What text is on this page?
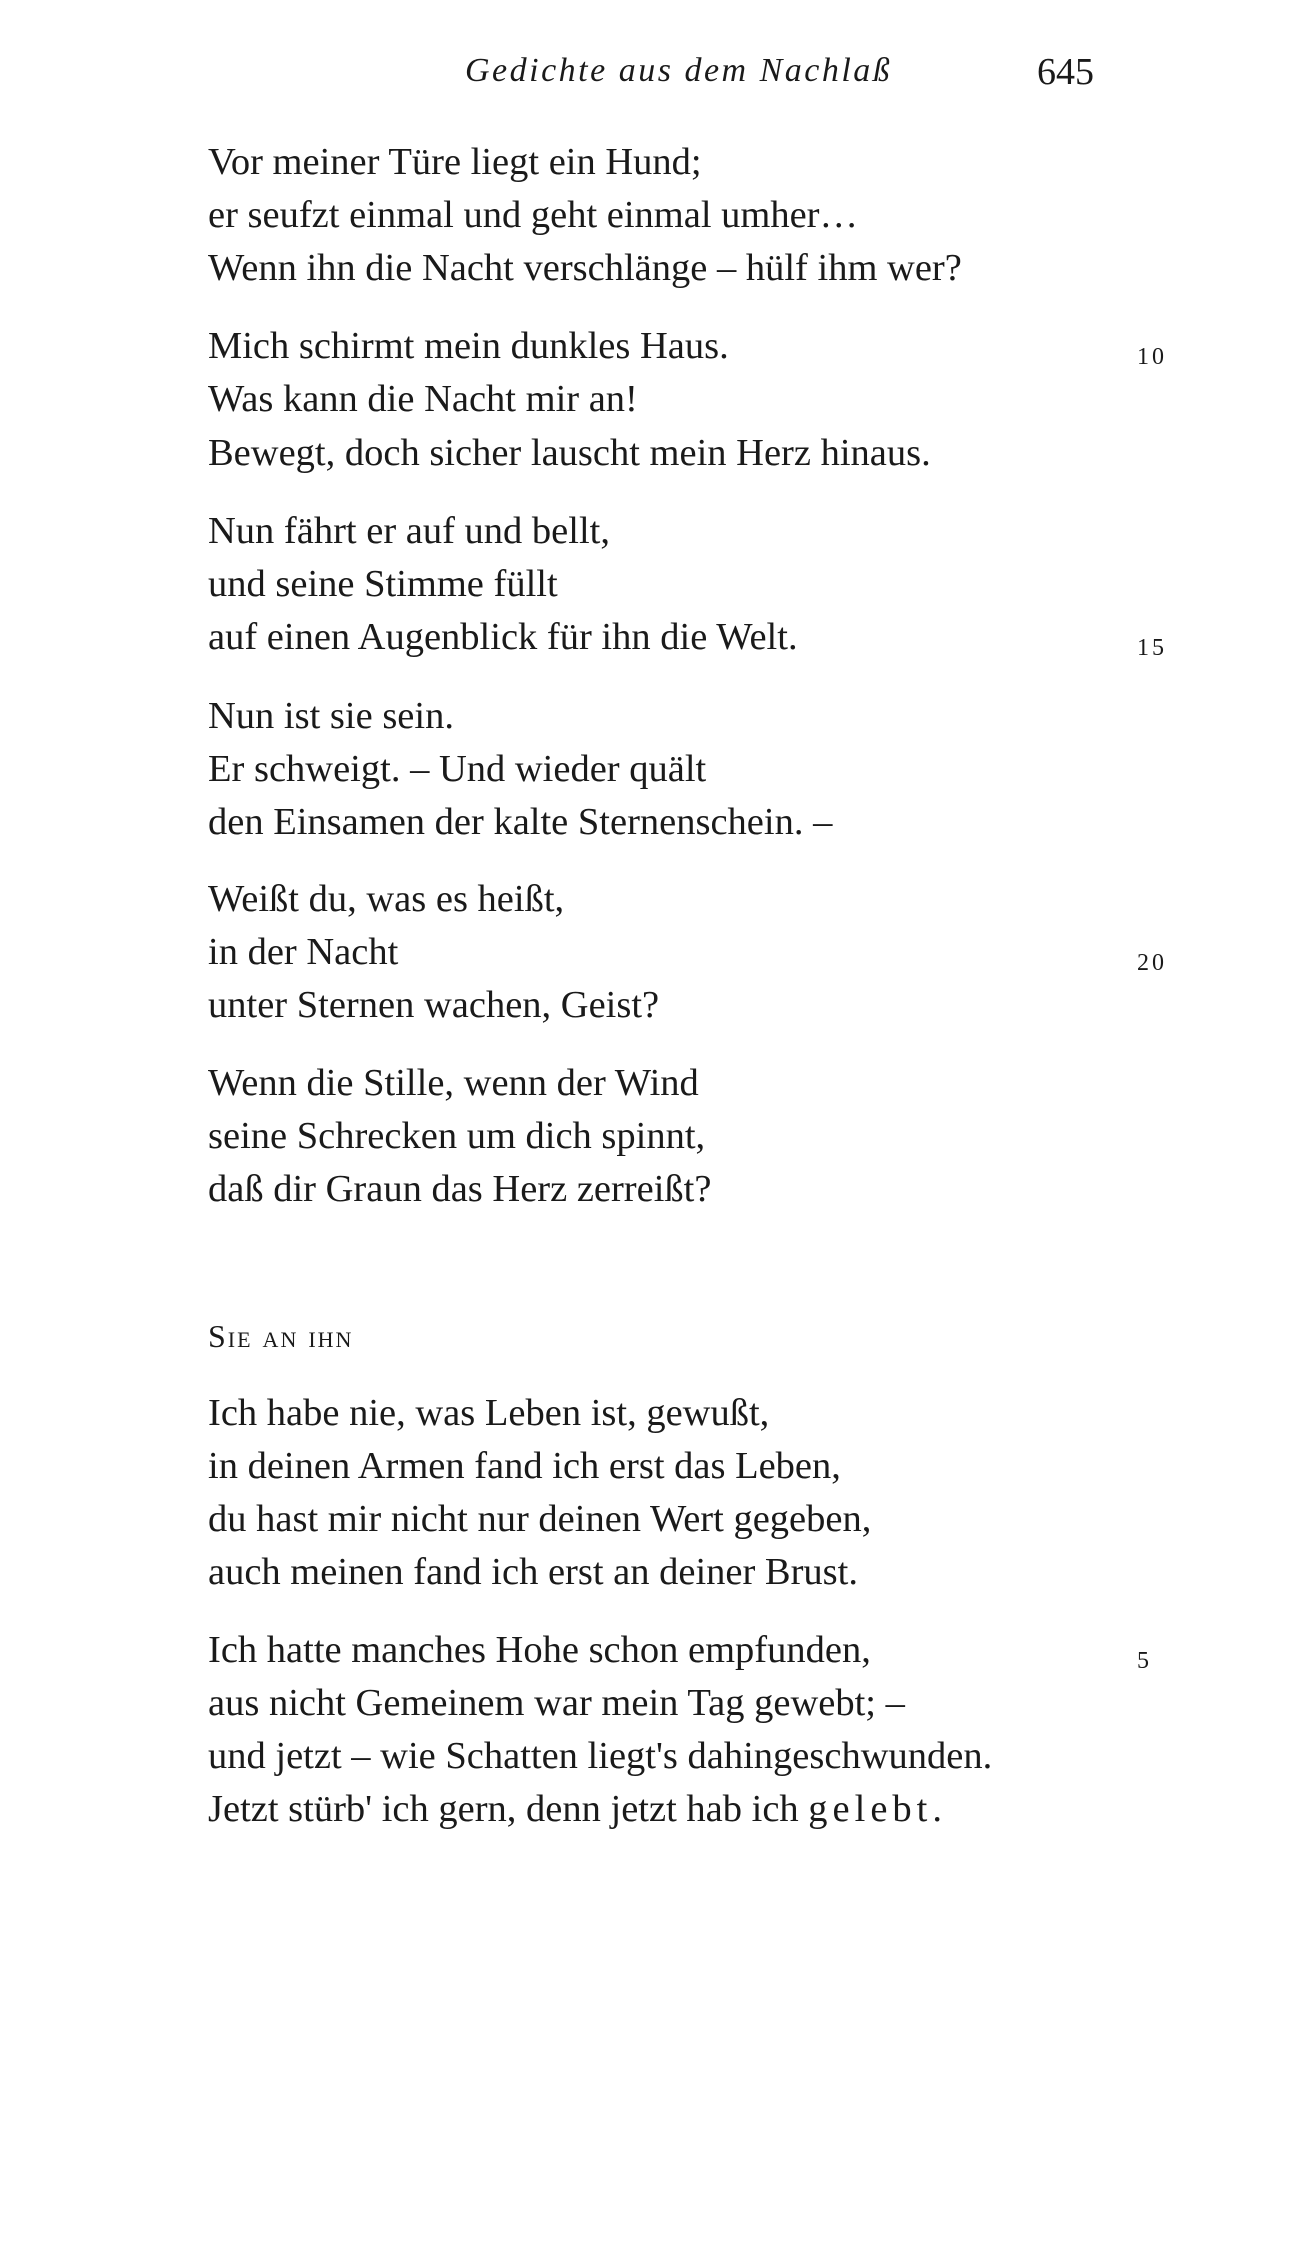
Gedichte aus dem Nachlaß	645
Vor meiner Türe liegt ein Hund;
er seufzt einmal und geht einmal umher…
Wenn ihn die Nacht verschlänge – hülf ihm wer?
Mich schirmt mein dunkles Haus.	10
Was kann die Nacht mir an!
Bewegt, doch sicher lauscht mein Herz hinaus.
Nun fährt er auf und bellt,
und seine Stimme füllt
auf einen Augenblick für ihn die Welt.	15
Nun ist sie sein.
Er schweigt. – Und wieder quält
den Einsamen der kalte Sternenschein. –
Weißt du, was es heißt,
in der Nacht	20
unter Sternen wachen, Geist?
Wenn die Stille, wenn der Wind
seine Schrecken um dich spinnt,
daß dir Graun das Herz zerreißt?
Sie an ihn
Ich habe nie, was Leben ist, gewußt,
in deinen Armen fand ich erst das Leben,
du hast mir nicht nur deinen Wert gegeben,
auch meinen fand ich erst an deiner Brust.
Ich hatte manches Hohe schon empfunden,	5
aus nicht Gemeinem war mein Tag gewebt; –
und jetzt – wie Schatten liegt's dahingeschwunden.
Jetzt stürb' ich gern, denn jetzt hab ich gelebt.
